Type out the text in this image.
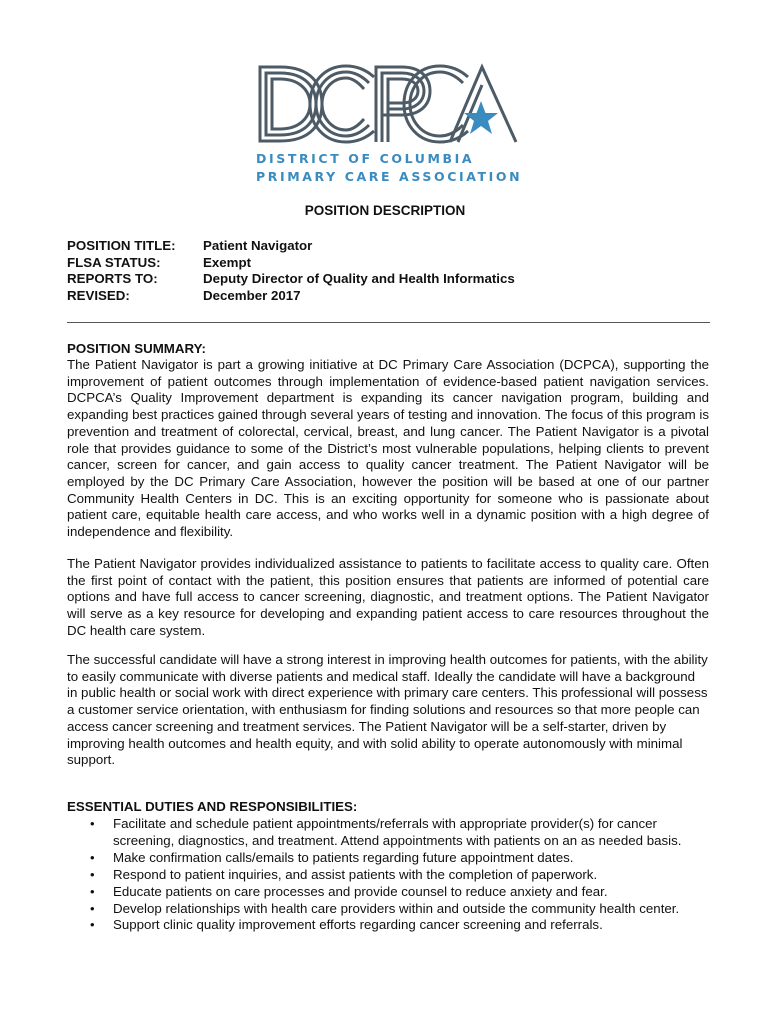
DISTRICT OF COLUMBIA

PRIMARY CARE ASSOCIATION

POSITION DESCRIPTION
POSITION TITLE: Patient Navigator
FLSA STATUS:	Exempt
REPORTS TO:	Deputy Director of Quality and Health Informatics
REVISED:	December 2017
POSITION SUMMARY:

The Patient Navigator is part a growing initiative at DC Primary Care Association (DCPCA), supporting the improvement of patient outcomes through implementation of evidence-based patient navigation services. DCPCA’s Quality Improvement department is expanding its cancer navigation program, building and expanding best practices gained through several years of testing and innovation. The focus of this program is prevention and treatment of colorectal, cervical, breast, and lung cancer. The Patient Navigator is a pivotal role that provides guidance to some of the District’s most vulnerable populations, helping clients to prevent cancer, screen for cancer, and gain access to quality cancer treatment. The Patient Navigator will be employed by the DC Primary Care Association, however the position will be based at one of our partner Community Health Centers in DC. This is an exciting opportunity for someone who is passionate about patient care, equitable health care access, and who works well in a dynamic position with a high degree of independence and flexibility.

The Patient Navigator provides individualized assistance to patients to facilitate access to quality care. Often the first point of contact with the patient, this position ensures that patients are informed of potential care options and have full access to cancer screening, diagnostic, and treatment options. The Patient Navigator will serve as a key resource for developing and expanding patient access to care resources throughout the DC health care system.

The successful candidate will have a strong interest in improving health outcomes for patients, with the ability to easily communicate with diverse patients and medical staff. Ideally the candidate will have a background in public health or social work with direct experience with primary care centers. This professional will possess a customer service orientation, with enthusiasm for finding solutions and resources so that more people can access cancer screening and treatment services. The Patient Navigator will be a self-starter, driven by improving health outcomes and health equity, and with solid ability to operate autonomously with minimal support.

ESSENTIAL DUTIES AND RESPONSIBILITIES:
• Facilitate and schedule patient appointments/referrals with appropriate provider(s) for cancer screening, diagnostics, and treatment. Attend appointments with patients on an as needed basis.
• Make confirmation calls/emails to patients regarding future appointment dates.
• Respond to patient inquiries, and assist patients with the completion of paperwork.
• Educate patients on care processes and provide counsel to reduce anxiety and fear.
• Develop relationships with health care providers within and outside the community health center.
• Support clinic quality improvement efforts regarding cancer screening and referrals.
